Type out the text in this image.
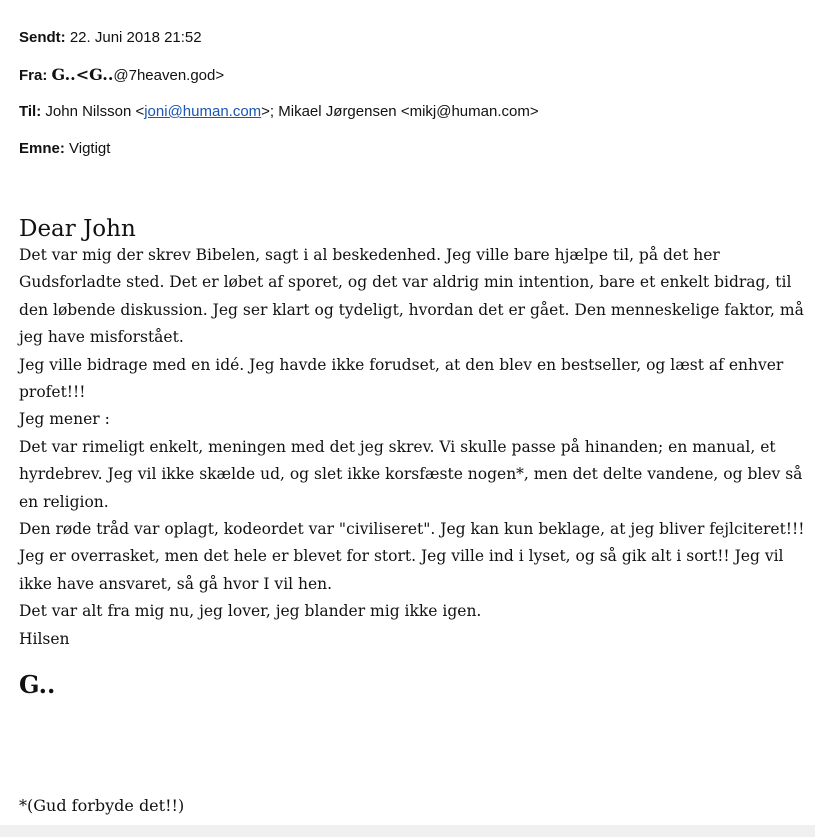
Sendt: 22. Juni 2018 21:52
Fra: G..<G..@7heaven.god>
Til: John Nilsson <joni@human.com>; Mikael Jørgensen <mikj@human.com>
Emne: Vigtigt
Dear John

Det var mig der skrev Bibelen, sagt i al beskedenhed. Jeg ville bare hjælpe til, på det her Gudsforladte sted. Det er løbet af sporet, og det var aldrig min intention, bare et enkelt bidrag, til den løbende diskussion. Jeg ser klart og tydeligt, hvordan det er gået. Den menneskelige faktor, må jeg have misforstået.

Jeg ville bidrage med en idé. Jeg havde ikke forudset, at den blev en bestseller, og læst af enhver profet!!!

Jeg mener :

Det var rimeligt enkelt, meningen med det jeg skrev. Vi skulle passe på hinanden; en manual, et hyrdebrev. Jeg vil ikke skælde ud, og slet ikke korsfæste nogen*, men det delte vandene, og blev så en religion.

Den røde tråd var oplagt, kodeordet var "civiliseret". Jeg kan kun beklage, at jeg bliver fejlciteret!!!

Jeg er overrasket, men det hele er blevet for stort. Jeg ville ind i lyset, og så gik alt i sort!! Jeg vil ikke have ansvaret, så gå hvor I vil hen.

Det var alt fra mig nu, jeg lover, jeg blander mig ikke igen.

Hilsen

G..
*(Gud forbyde det!!)
